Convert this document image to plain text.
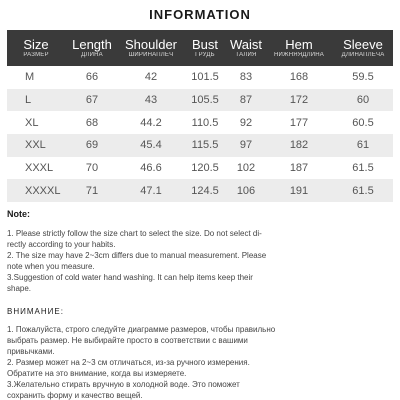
INFORMATION
Size	Length	Shoulder	Bust	Waist	Hem	Sleeve
РАЗМЕР	ДЛИНА	ШИРИНАПЛЕЧ	ГРУДЬ	ТАЛИЯ	НИЖНЯЯДЛИНА	ДЛИНАПЛЕЧА
M	66	42	101.5	83	168	59.5
L	67	43	105.5	87	172	60
XL	68	44.2	110.5	92	177	60.5
XXL	69	45.4	115.5	97	182	61
XXXL	70	46.6	120.5	102	187	61.5
XXXXL	71	47.1	124.5	106	191	61.5
Note:
1. Please strictly follow the size chart to select the size. Do not select di-
rectly according to your habits.
2. The size may have 2~3cm differs due to manual measurement. Please
note when you measure.
3.Suggestion of cold water hand washing. It can help items keep their
shape.
ВНИМАНИЕ:
1. Пожалуйста, строго следуйте диаграмме размеров, чтобы правильно
выбрать размер. Не выбирайте просто в соответствии с вашими
привычками.
2. Размер может на 2~3 см отличаться, из-за ручного измерения.
Обратите на это внимание, когда вы измеряете.
3.Желательно стирать вручную в холодной воде. Это поможет
сохранить форму и качество вещей.
